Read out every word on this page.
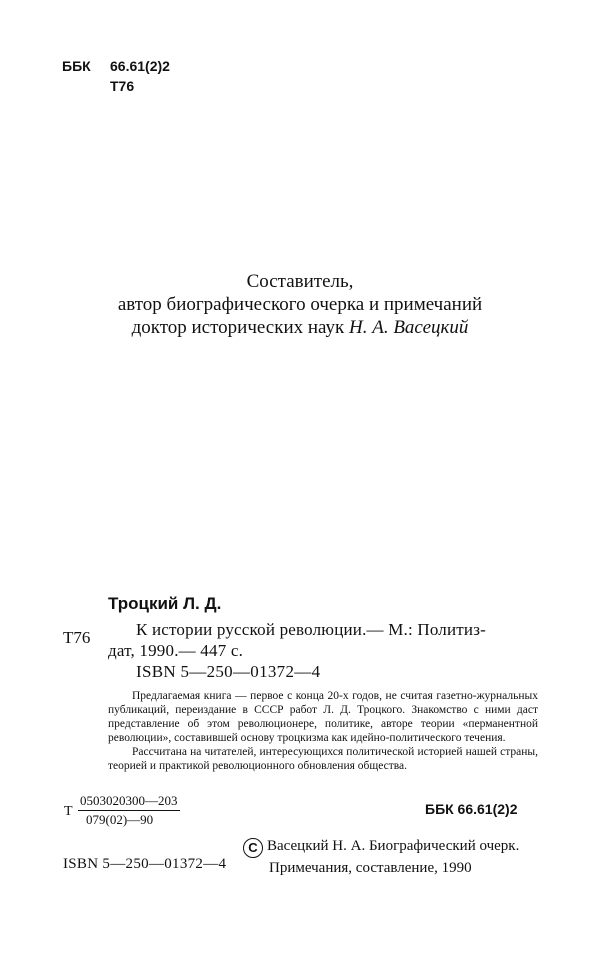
ББК 66.61(2)2
Т76
Составитель,
автор биографического очерка и примечаний
доктор исторических наук Н. А. Васецкий
Троцкий Л. Д.
Т76	К истории русской революции.— М.: Политиз-
дат, 1990.— 447 с.
ISBN 5—250—01372—4
Предлагаемая книга — первое с конца 20-х годов, не считая газетно-журнальных публикаций, переиздание в СССР работ Л. Д. Троцкого. Знакомство с ними даст представление об этом революционере, политике, авторе теории «перманентной революции», составившей основу троцкизма как идейно-политического течения.
Рассчитана на читателей, интересующихся политической историей нашей страны, теорией и практикой революционного обновления общества.
Т $\frac{0503020300—203}{079(02)—90}$	ББК 66.61(2)2
С Васецкий Н. А. Биографический очерк.
Примечания, составление, 1990
ISBN 5—250—01372—4
